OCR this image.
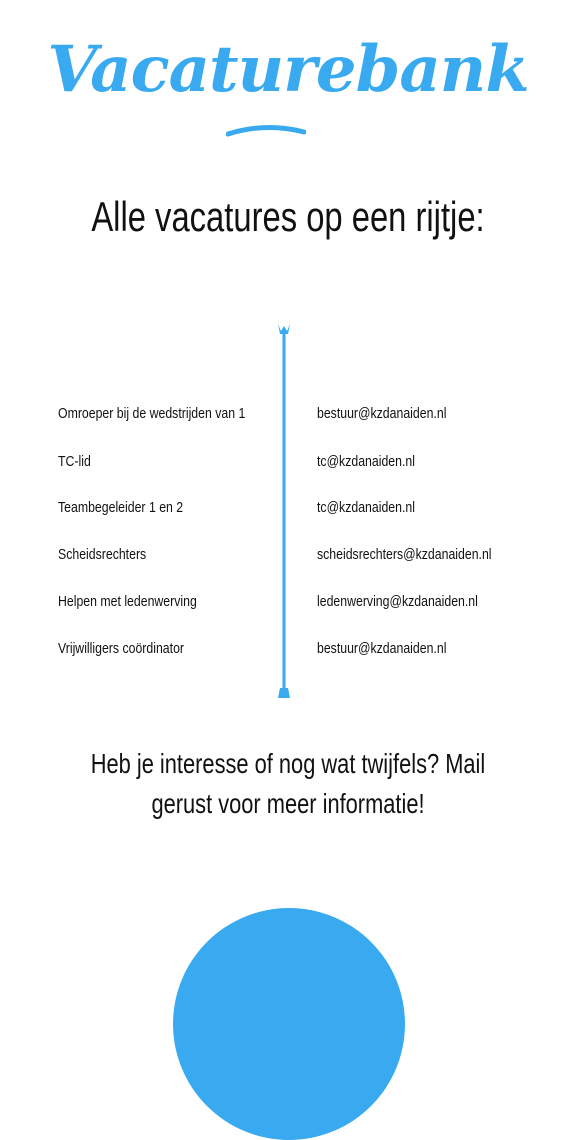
Vacaturebank
Alle vacatures op een rijtje:
Omroeper bij de wedstrijden van 1	bestuur@kzdanaiden.nl
TC-lid	tc@kzdanaiden.nl
Teambegeleider 1 en 2	tc@kzdanaiden.nl
Scheidsrechters	scheidsrechters@kzdanaiden.nl
Helpen met ledenwerving	ledenwerving@kzdanaiden.nl
Vrijwilligers coördinator	bestuur@kzdanaiden.nl
Heb je interesse of nog wat twijfels? Mail
gerust voor meer informatie!
